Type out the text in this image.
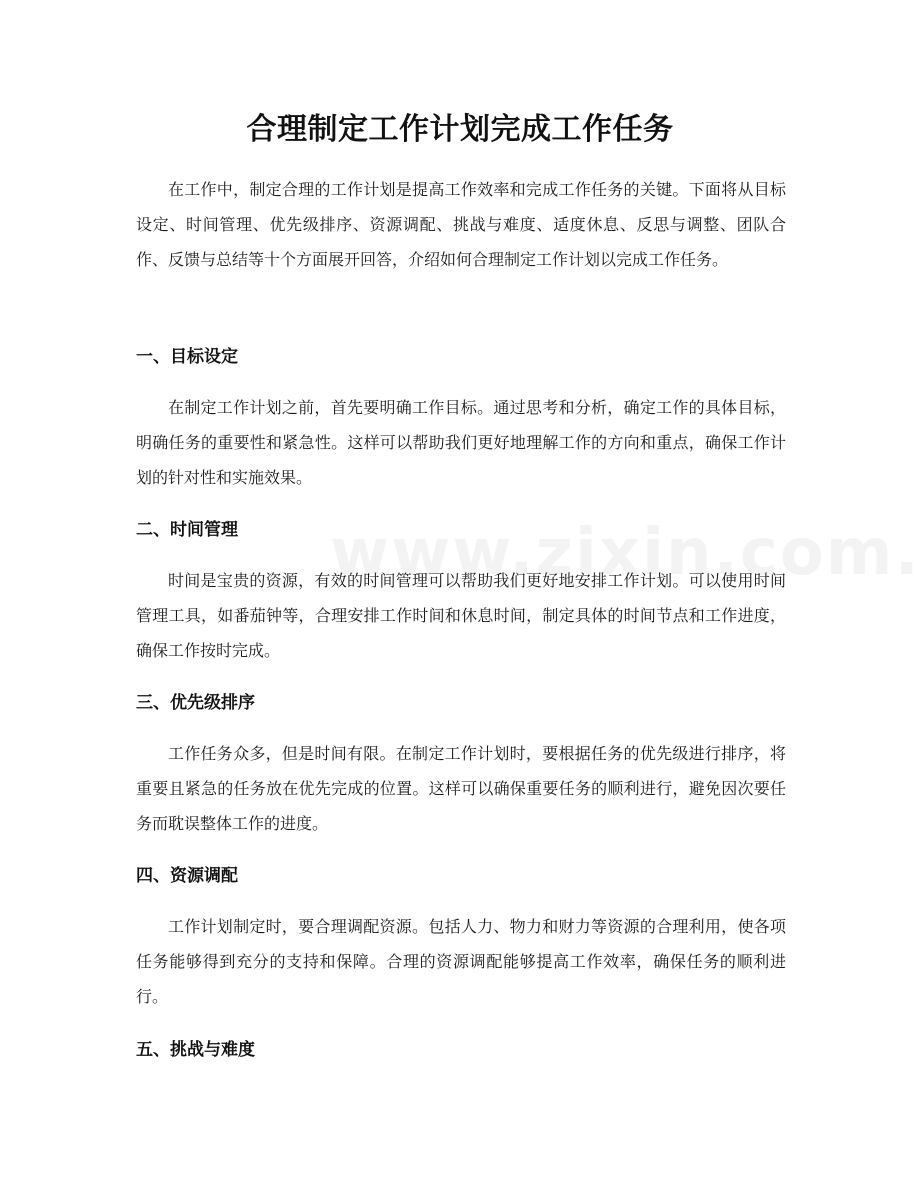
合理制定工作计划完成工作任务

在工作中，制定合理的工作计划是提高工作效率和完成工作任务的关键。下面将从目标设定、时间管理、优先级排序、资源调配、挑战与难度、适度休息、反思与调整、团队合作、反馈与总结等十个方面展开回答，介绍如何合理制定工作计划以完成工作任务。

一、目标设定

在制定工作计划之前，首先要明确工作目标。通过思考和分析，确定工作的具体目标，明确任务的重要性和紧急性。这样可以帮助我们更好地理解工作的方向和重点，确保工作计划的针对性和实施效果。

二、时间管理

时间是宝贵的资源，有效的时间管理可以帮助我们更好地安排工作计划。可以使用时间管理工具，如番茄钟等，合理安排工作时间和休息时间，制定具体的时间节点和工作进度，确保工作按时完成。

三、优先级排序

工作任务众多，但是时间有限。在制定工作计划时，要根据任务的优先级进行排序，将重要且紧急的任务放在优先完成的位置。这样可以确保重要任务的顺利进行，避免因次要任务而耽误整体工作的进度。

四、资源调配

工作计划制定时，要合理调配资源。包括人力、物力和财力等资源的合理利用，使各项任务能够得到充分的支持和保障。合理的资源调配能够提高工作效率，确保任务的顺利进行。

五、挑战与难度
